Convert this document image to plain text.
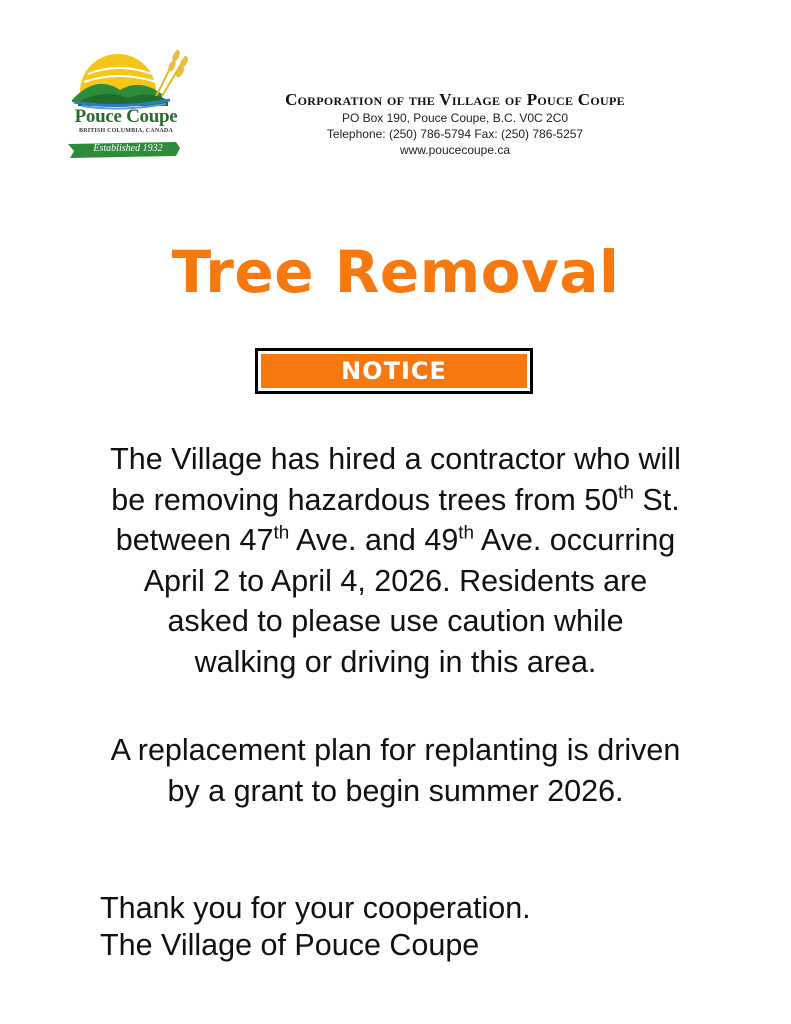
Pouce Coupe
BRITISH COLUMBIA, CANADA
Established 1932
Corporation of the Village of Pouce Coupe
PO Box 190, Pouce Coupe, B.C. V0C 2C0
Telephone: (250) 786-5794 Fax: (250) 786-5257
www.poucecoupe.ca
Tree Removal
NOTICE
The Village has hired a contractor who will
be removing hazardous trees from 50th St.
between 47th Ave. and 49th Ave. occurring
April 2 to April 4, 2026. Residents are
asked to please use caution while
walking or driving in this area.
A replacement plan for replanting is driven
by a grant to begin summer 2026.
Thank you for your cooperation.
The Village of Pouce Coupe
